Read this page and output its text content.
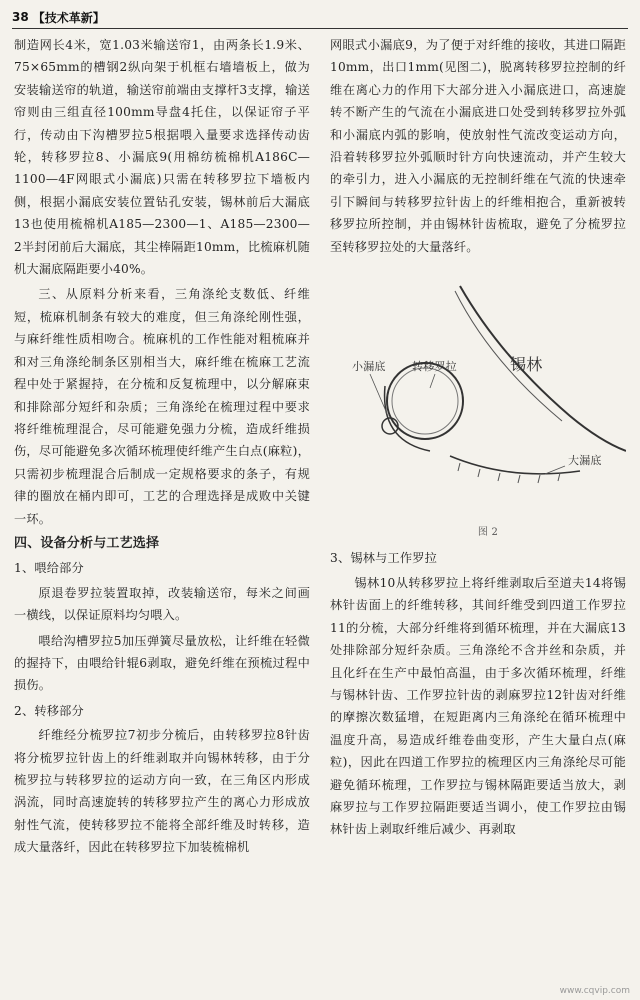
38 【技术革新】

制造网长4米，宽1.03米输送帘1，由两条长1.9米、75×65mm的槽钢2纵向架于机框右墙墙板上，做为安装输送帘的轨道，输送帘前端由支撑杆3支撑，输送帘则由三组直径100mm导盘4托住，以保证帘子平行，传动由下沟槽罗拉5根据喂入量要求选择传动齿轮，转移罗拉8、小漏底9(用棉纺梳棉机A186C—1100—4F网眼式小漏底)只需在转移罗拉下墙板内侧，根据小漏底安装位置钻孔安装，锡林前后大漏底13也使用梳棉机A185—2300—1、A185—2300—2半封闭前后大漏底，其尘棒隔距10mm，比梳麻机随机大漏底隔距要小40%。

三、从原料分析来看，三角涤纶支数低、纤维短，梳麻机制条有较大的难度，但三角涤纶刚性强，与麻纤维性质相吻合。梳麻机的工作性能对粗梳麻并和对三角涤纶制条区别相当大，麻纤维在梳麻工艺流程中处于紧握持，在分梳和反复梳理中，以分解麻束和排除部分短纤和杂质；三角涤纶在梳理过程中要求将纤维梳理混合，尽可能避免强力分梳，造成纤维损伤，尽可能避免多次循环梳理使纤维产生白点(麻粒)，只需初步梳理混合后制成一定规格要求的条子，有规律的圈放在桶内即可，工艺的合理选择是成败中关键一环。

四、设备分析与工艺选择

1、喂给部分

原退卷罗拉装置取掉，改装输送帘，每米之间画一横线，以保证原料均匀喂入。

喂给沟槽罗拉5加压弹簧尽量放松，让纤维在轻微的握持下，由喂给针辊6剥取，避免纤维在预梳过程中损伤。

2、转移部分

纤维经分梳罗拉7初步分梳后，由转移罗拉8针齿将分梳罗拉针齿上的纤维剥取并向锡林转移，由于分梳罗拉与转移罗拉的运动方向一致，在三角区内形成涡流，同时高速旋转的转移罗拉产生的离心力形成放射性气流，使转移罗拉不能将全部纤维及时转移，造成大量落纤，因此在转移罗拉下加装梳棉机

网眼式小漏底9，为了便于对纤维的接收，其进口隔距10mm，出口1mm(见图二)，脱离转移罗拉控制的纤维在离心力的作用下大部分进入小漏底进口，高速旋转不断产生的气流在小漏底进口处受到转移罗拉外弧和小漏底内弧的影响，使放射性气流改变运动方向，沿着转移罗拉外弧顺时针方向快速流动，并产生较大的牵引力，进入小漏底的无控制纤维在气流的快速牵引下瞬间与转移罗拉针齿上的纤维相抱合，重新被转移罗拉所控制，并由锡林针齿梳取，避免了分梳罗拉至转移罗拉处的大量落纤。

小漏底 转移罗拉	锡林
大漏底

图 2

3、锡林与工作罗拉

锡林10从转移罗拉上将纤维剥取后至道夫14将锡林针齿面上的纤维转移，其间纤维受到四道工作罗拉11的分梳，大部分纤维将到循环梳理，并在大漏底13处排除部分短纤杂质。三角涤纶不含并丝和杂质，并且化纤在生产中最怕高温，由于多次循环梳理，纤维与锡林针齿、工作罗拉针齿的剥麻罗拉12针齿对纤维的摩擦次数猛增，在短距离内三角涤纶在循环梳理中温度升高，易造成纤维卷曲变形，产生大量白点(麻粒)，因此在四道工作罗拉的梳理区内三角涤纶尽可能避免循环梳理，工作罗拉与锡林隔距要适当放大，剥麻罗拉与工作罗拉隔距要适当调小，使工作罗拉由锡林针齿上剥取纤维后减少、再剥取

www.cqvip.com
